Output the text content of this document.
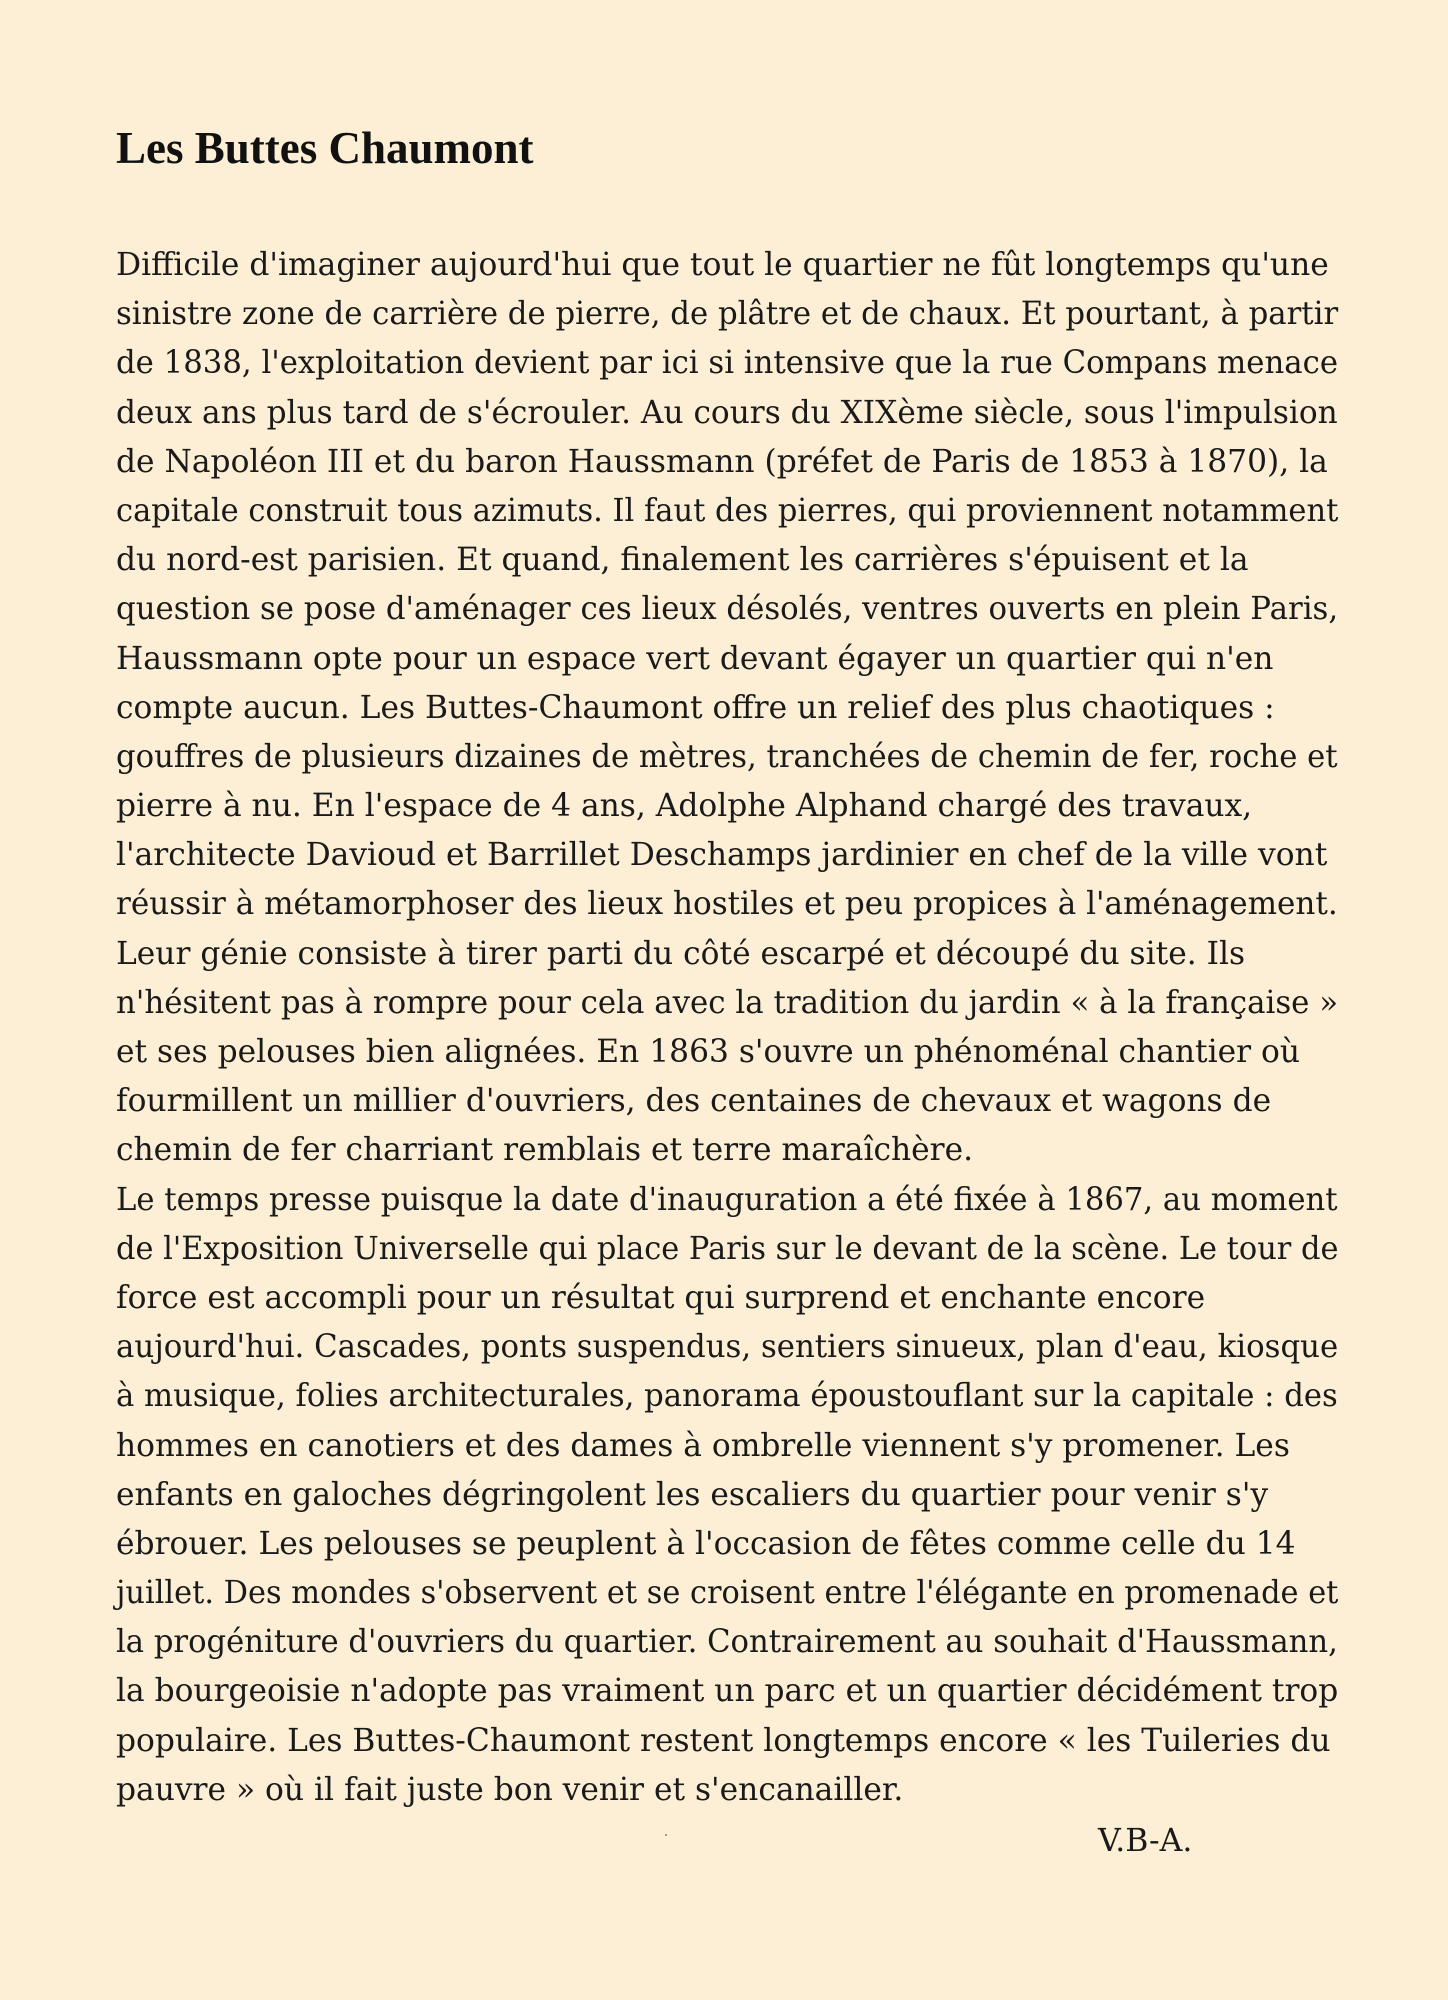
Les Buttes Chaumont
Difficile d'imaginer aujourd'hui que tout le quartier ne fût longtemps qu'une
sinistre zone de carrière de pierre, de plâtre et de chaux. Et pourtant, à partir
de 1838, l'exploitation devient par ici si intensive que la rue Compans menace
deux ans plus tard de s'écrouler. Au cours du XIXème siècle, sous l'impulsion
de Napoléon III et du baron Haussmann (préfet de Paris de 1853 à 1870), la
capitale construit tous azimuts. Il faut des pierres, qui proviennent notamment
du nord-est parisien. Et quand, finalement les carrières s'épuisent et la
question se pose d'aménager ces lieux désolés, ventres ouverts en plein Paris,
Haussmann opte pour un espace vert devant égayer un quartier qui n'en
compte aucun. Les Buttes-Chaumont offre un relief des plus chaotiques :
gouffres de plusieurs dizaines de mètres, tranchées de chemin de fer, roche et
pierre à nu. En l'espace de 4 ans, Adolphe Alphand chargé des travaux,
l'architecte Davioud et Barrillet Deschamps jardinier en chef de la ville vont
réussir à métamorphoser des lieux hostiles et peu propices à l'aménagement.
Leur génie consiste à tirer parti du côté escarpé et découpé du site. Ils
n'hésitent pas à rompre pour cela avec la tradition du jardin « à la française »
et ses pelouses bien alignées. En 1863 s'ouvre un phénoménal chantier où
fourmillent un millier d'ouvriers, des centaines de chevaux et wagons de
chemin de fer charriant remblais et terre maraîchère.
Le temps presse puisque la date d'inauguration a été fixée à 1867, au moment
de l'Exposition Universelle qui place Paris sur le devant de la scène. Le tour de
force est accompli pour un résultat qui surprend et enchante encore
aujourd'hui. Cascades, ponts suspendus, sentiers sinueux, plan d'eau, kiosque
à musique, folies architecturales, panorama époustouflant sur la capitale : des
hommes en canotiers et des dames à ombrelle viennent s'y promener. Les
enfants en galoches dégringolent les escaliers du quartier pour venir s'y
ébrouer. Les pelouses se peuplent à l'occasion de fêtes comme celle du 14
juillet. Des mondes s'observent et se croisent entre l'élégante en promenade et
la progéniture d'ouvriers du quartier. Contrairement au souhait d'Haussmann,
la bourgeoisie n'adopte pas vraiment un parc et un quartier décidément trop
populaire. Les Buttes-Chaumont restent longtemps encore « les Tuileries du
pauvre » où il fait juste bon venir et s'encanailler.

V.B-A.
